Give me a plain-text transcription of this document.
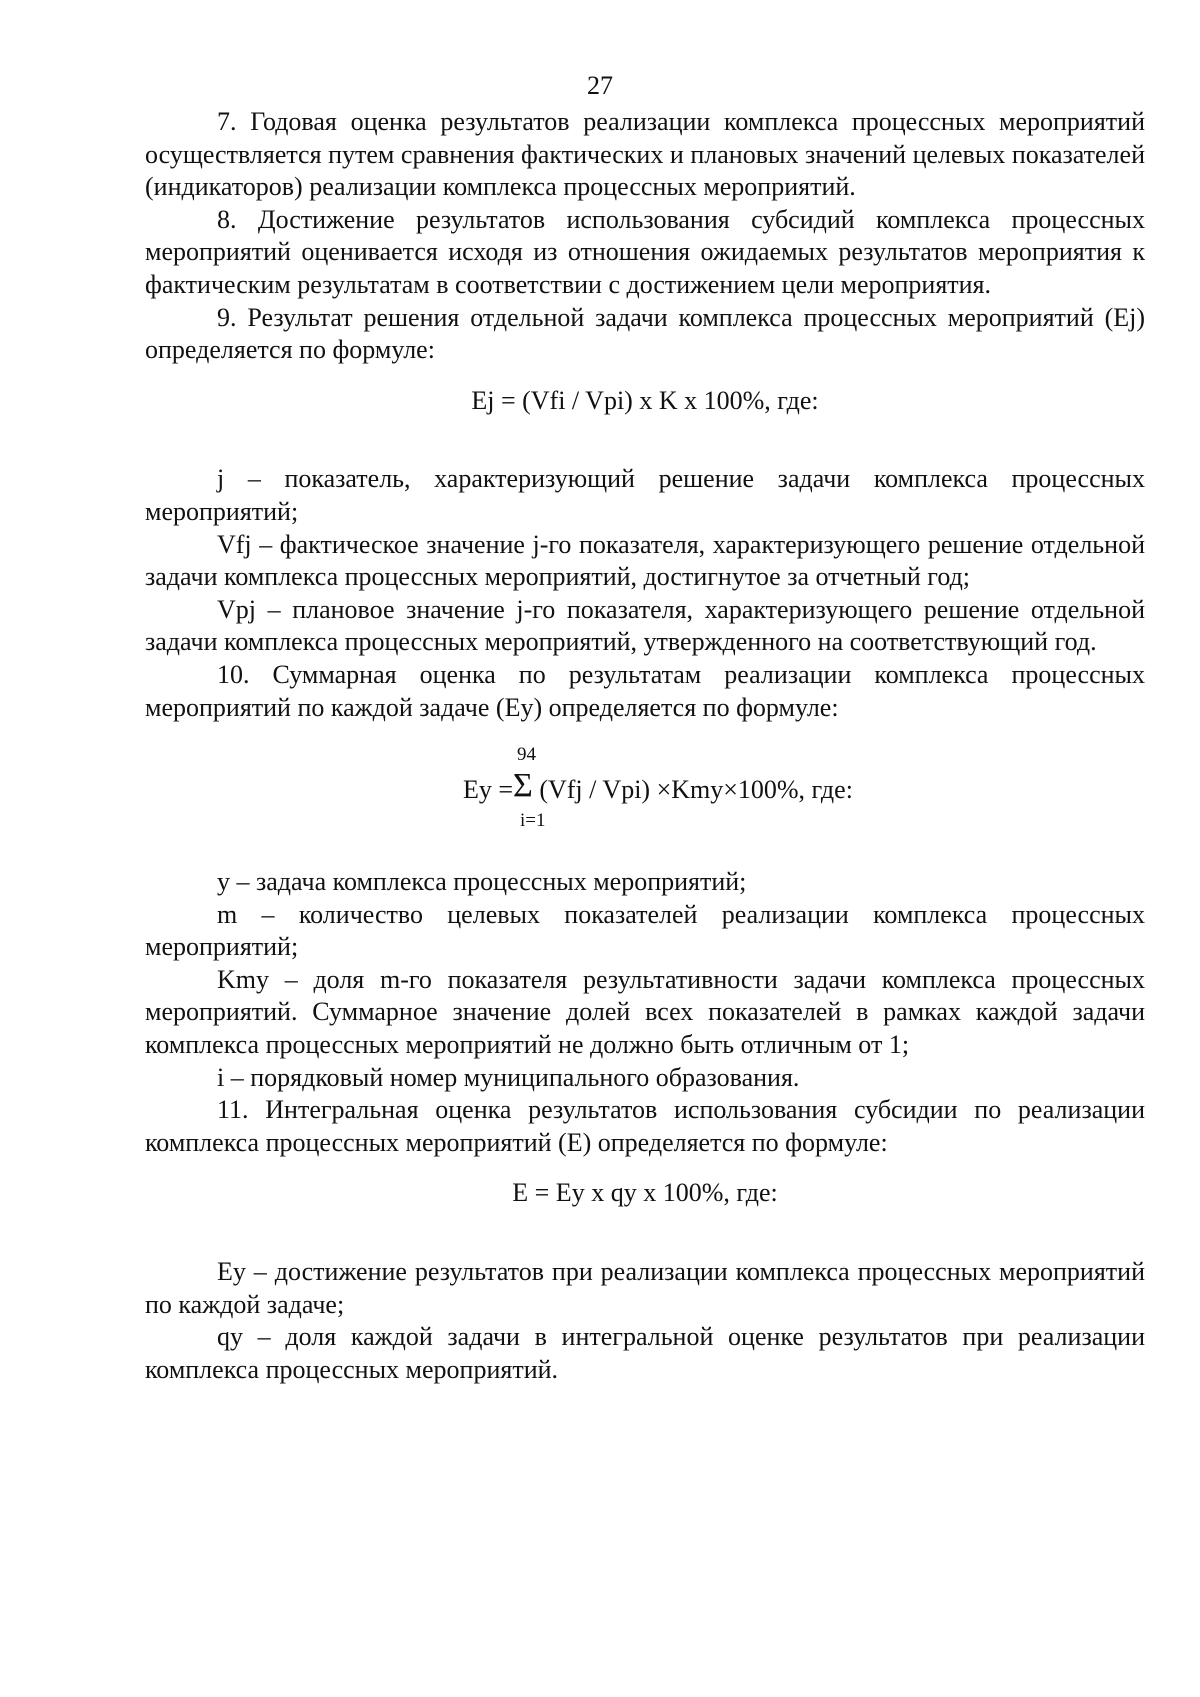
27

7. Годовая оценка результатов реализации комплекса процессных мероприятий осуществляется путем сравнения фактических и плановых значений целевых показателей (индикаторов) реализации комплекса процессных мероприятий.

8. Достижение результатов использования субсидий комплекса процессных мероприятий оценивается исходя из отношения ожидаемых результатов мероприятия к фактическим результатам в соответствии с достижением цели мероприятия.

9. Результат решения отдельной задачи комплекса процессных мероприятий (Ej) определяется по формуле:

Ej = (Vfi / Vpi) x K x 100%, где:

j – показатель, характеризующий решение задачи комплекса процессных мероприятий;

Vfj – фактическое значение j-го показателя, характеризующего решение отдельной задачи комплекса процессных мероприятий, достигнутое за отчетный год;

Vpj – плановое значение j-го показателя, характеризующего решение отдельной задачи комплекса процессных мероприятий, утвержденного на соответствующий год.

10. Суммарная оценка по результатам реализации комплекса процессных мероприятий по каждой задаче (Ey) определяется по формуле:

94
Ey =Σ (Vfj / Vpi) ×Kmy×100%, где:
i=1

y – задача комплекса процессных мероприятий;

m – количество целевых показателей реализации комплекса процессных мероприятий;

Kmy – доля m-го показателя результативности задачи комплекса процессных мероприятий. Суммарное значение долей всех показателей в рамках каждой задачи комплекса процессных мероприятий не должно быть отличным от 1;

i – порядковый номер муниципального образования.

11. Интегральная оценка результатов использования субсидии по реализации комплекса процессных мероприятий (Е) определяется по формуле:

E = Ey x qy x 100%, где:

Ey – достижение результатов при реализации комплекса процессных мероприятий по каждой задаче;

qy – доля каждой задачи в интегральной оценке результатов при реализации комплекса процессных мероприятий.
